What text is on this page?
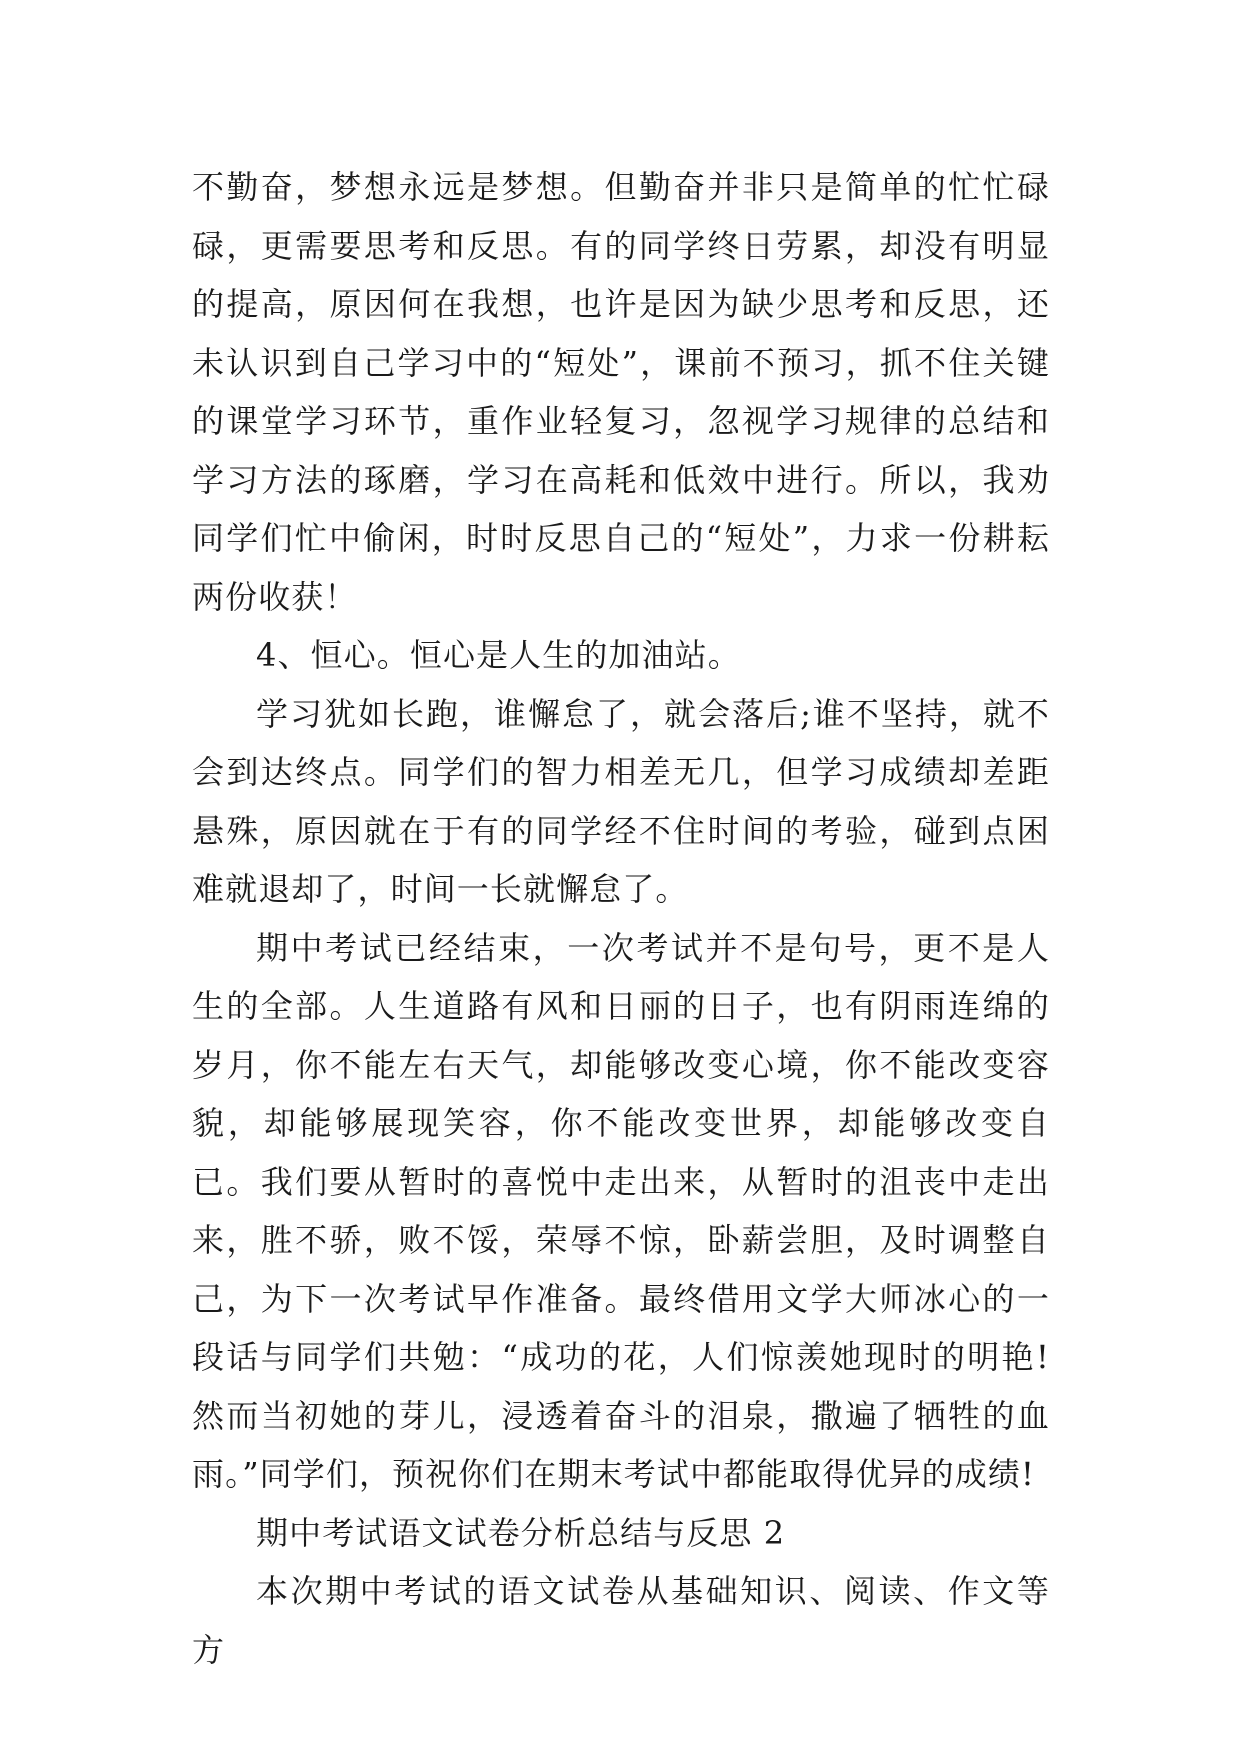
不勤奋，梦想永远是梦想。但勤奋并非只是简单的忙忙碌碌，更需要思考和反思。有的同学终日劳累，却没有明显的提高，原因何在我想，也许是因为缺少思考和反思，还未认识到自己学习中的“短处”，课前不预习，抓不住关键的课堂学习环节，重作业轻复习，忽视学习规律的总结和学习方法的琢磨，学习在高耗和低效中进行。所以，我劝同学们忙中偷闲，时时反思自己的“短处”，力求一份耕耘两份收获！

4、恒心。恒心是人生的加油站。

学习犹如长跑，谁懈怠了，就会落后;谁不坚持，就不会到达终点。同学们的智力相差无几，但学习成绩却差距悬殊，原因就在于有的同学经不住时间的考验，碰到点困难就退却了，时间一长就懈怠了。

期中考试已经结束，一次考试并不是句号，更不是人生的全部。人生道路有风和日丽的日子，也有阴雨连绵的岁月，你不能左右天气，却能够改变心境，你不能改变容貌，却能够展现笑容，你不能改变世界，却能够改变自已。我们要从暂时的喜悦中走出来，从暂时的沮丧中走出来，胜不骄，败不馁，荣辱不惊，卧薪尝胆，及时调整自己，为下一次考试早作准备。最终借用文学大师冰心的一段话与同学们共勉：“成功的花，人们惊羡她现时的明艳!然而当初她的芽儿，浸透着奋斗的泪泉，撒遍了牺牲的血雨。”同学们，预祝你们在期末考试中都能取得优异的成绩!

期中考试语文试卷分析总结与反思 2

本次期中考试的语文试卷从基础知识、阅读、作文等方
